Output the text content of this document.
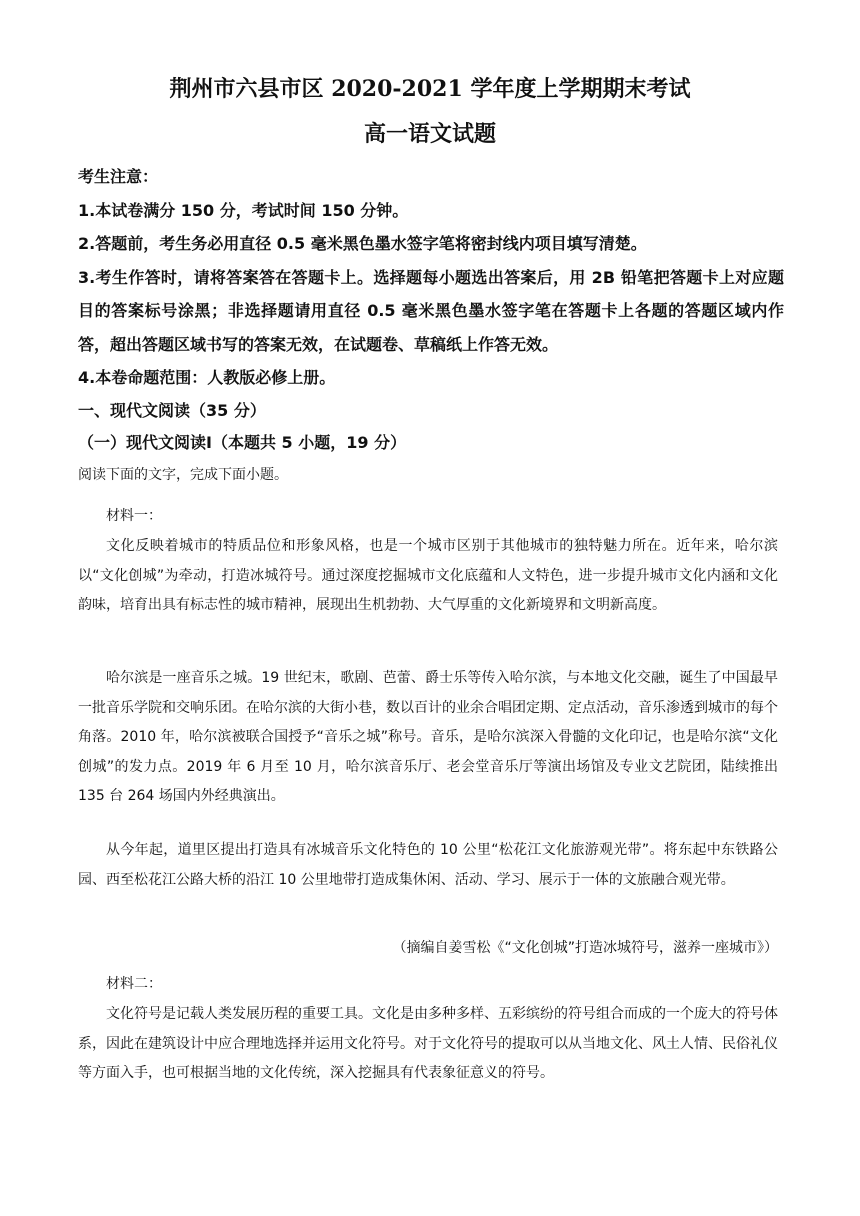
荆州市六县市区 2020-2021 学年度上学期期末考试
高一语文试题
考生注意：
1.本试卷满分 150 分，考试时间 150 分钟。
2.答题前，考生务必用直径 0.5 毫米黑色墨水签字笔将密封线内项目填写清楚。
3.考生作答时，请将答案答在答题卡上。选择题每小题选出答案后，用 2B 铅笔把答题卡上对应题目的答案标号涂黑；非选择题请用直径 0.5 毫米黑色墨水签字笔在答题卡上各题的答题区域内作答，超出答题区域书写的答案无效，在试题卷、草稿纸上作答无效。
4.本卷命题范围：人教版必修上册。
一、现代文阅读（35 分）
（一）现代文阅读Ⅰ（本题共 5 小题，19 分）
阅读下面的文字，完成下面小题。

材料一：

文化反映着城市的特质品位和形象风格，也是一个城市区别于其他城市的独特魅力所在。近年来，哈尔滨以“文化创城”为牵动，打造冰城符号。通过深度挖掘城市文化底蕴和人文特色，进一步提升城市文化内涵和文化韵味，培育出具有标志性的城市精神，展现出生机勃勃、大气厚重的文化新境界和文明新高度。

哈尔滨是一座音乐之城。19 世纪末，歌剧、芭蕾、爵士乐等传入哈尔滨，与本地文化交融，诞生了中国最早一批音乐学院和交响乐团。在哈尔滨的大街小巷，数以百计的业余合唱团定期、定点活动，音乐渗透到城市的每个角落。2010 年，哈尔滨被联合国授予“音乐之城”称号。音乐，是哈尔滨深入骨髓的文化印记，也是哈尔滨“文化创城”的发力点。2019 年 6 月至 10 月，哈尔滨音乐厅、老会堂音乐厅等演出场馆及专业文艺院团，陆续推出 135 台 264 场国内外经典演出。

从今年起，道里区提出打造具有冰城音乐文化特色的 10 公里“松花江文化旅游观光带”。将东起中东铁路公园、西至松花江公路大桥的沿江 10 公里地带打造成集休闲、活动、学习、展示于一体的文旅融合观光带。

（摘编自姜雪松《“文化创城”打造冰城符号，滋养一座城市》）

材料二：

文化符号是记载人类发展历程的重要工具。文化是由多种多样、五彩缤纷的符号组合而成的一个庞大的符号体系，因此在建筑设计中应合理地选择并运用文化符号。对于文化符号的提取可以从当地文化、风土人情、民俗礼仪等方面入手，也可根据当地的文化传统，深入挖掘具有代表象征意义的符号。
